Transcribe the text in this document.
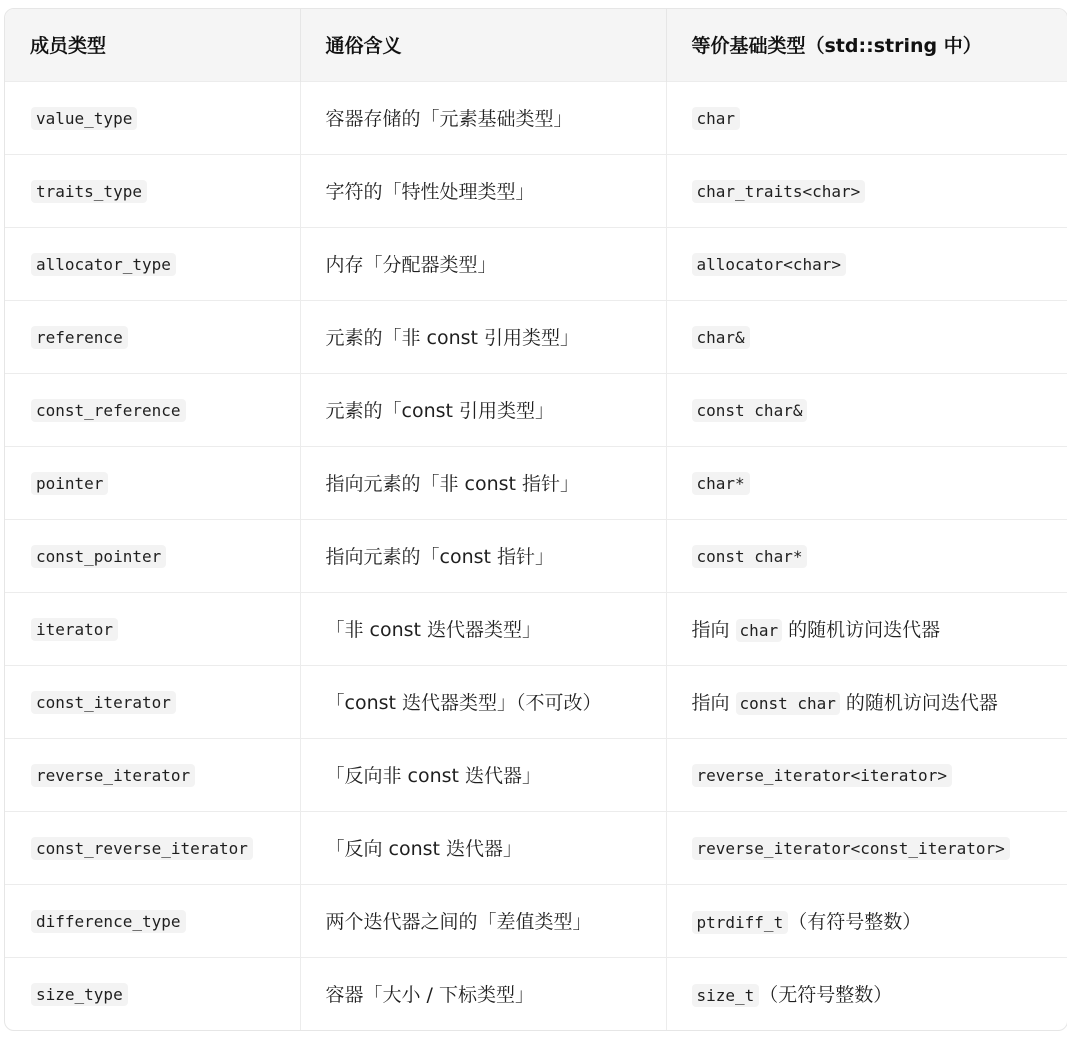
成员类型	通俗含义	等价基础类型（std::string 中）
value_type	容器存储的「元素基础类型」	char
traits_type	字符的「特性处理类型」	char_traits<char>
allocator_type	内存「分配器类型」	allocator<char>
reference	元素的「非 const 引用类型」	char&
const_reference	元素的「const 引用类型」	const char&
pointer	指向元素的「非 const 指针」	char*
const_pointer	指向元素的「const 指针」	const char*
iterator	「非 const 迭代器类型」	指向 char 的随机访问迭代器
const_iterator	「const 迭代器类型」（不可改）	指向 const char 的随机访问迭代器
reverse_iterator	「反向非 const 迭代器」	reverse_iterator<iterator>
const_reverse_iterator	「反向 const 迭代器」	reverse_iterator<const_iterator>
difference_type	两个迭代器之间的「差值类型」	ptrdiff_t （有符号整数）
size_type	容器「大小 / 下标类型」	size_t （无符号整数）
